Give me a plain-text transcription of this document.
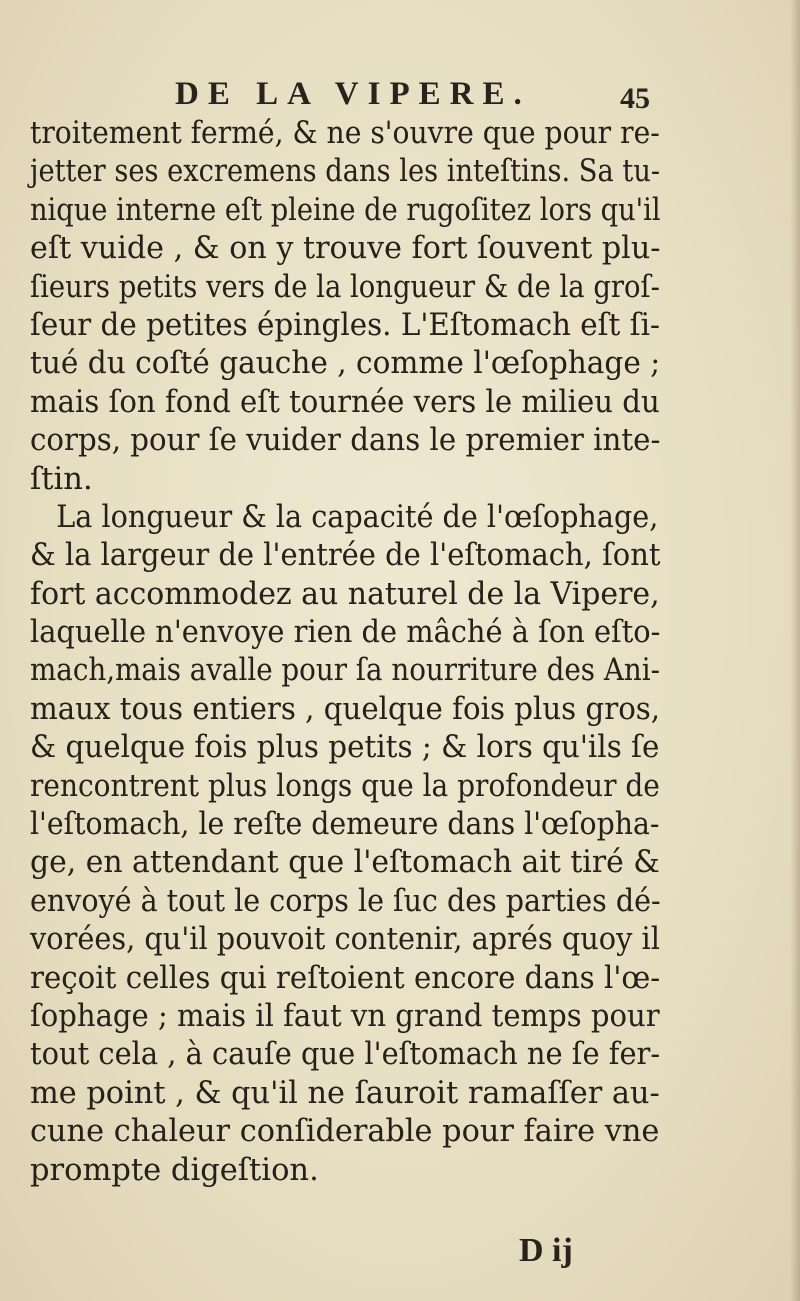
DE LA VIPERE.	45
troitement fermé, & ne s'ouvre que pour re-
jetter ses excremens dans les inteſtins. Sa tu-
nique interne eſt pleine de rugoſitez lors qu'il
eſt vuide , & on y trouve fort ſouvent plu-
ſieurs petits vers de la longueur & de la groſ-
ſeur de petites épingles. L'Eſtomach eſt ſi-
tué du coſté gauche , comme l'œſophage ;
mais ſon fond eſt tournée vers le milieu du
corps, pour ſe vuider dans le premier inte-
ſtin.
La longueur & la capacité de l'œſophage,
& la largeur de l'entrée de l'eſtomach, ſont
fort accommodez au naturel de la Vipere,
laquelle n'envoye rien de mâché à ſon eſto-
mach,mais avalle pour ſa nourriture des Ani-
maux tous entiers , quelque fois plus gros,
& quelque fois plus petits ; & lors qu'ils ſe
rencontrent plus longs que la profondeur de
l'eſtomach, le reſte demeure dans l'œſopha-
ge, en attendant que l'eſtomach ait tiré &
envoyé à tout le corps le ſuc des parties dé-
vorées, qu'il pouvoit contenir, aprés quoy il
reçoit celles qui reſtoient encore dans l'œ-
ſophage ; mais il faut vn grand temps pour
tout cela , à cauſe que l'eſtomach ne ſe fer-
me point , & qu'il ne ſauroit ramaſſer au-
cune chaleur conſiderable pour faire vne
prompte digeſtion.
D ij
